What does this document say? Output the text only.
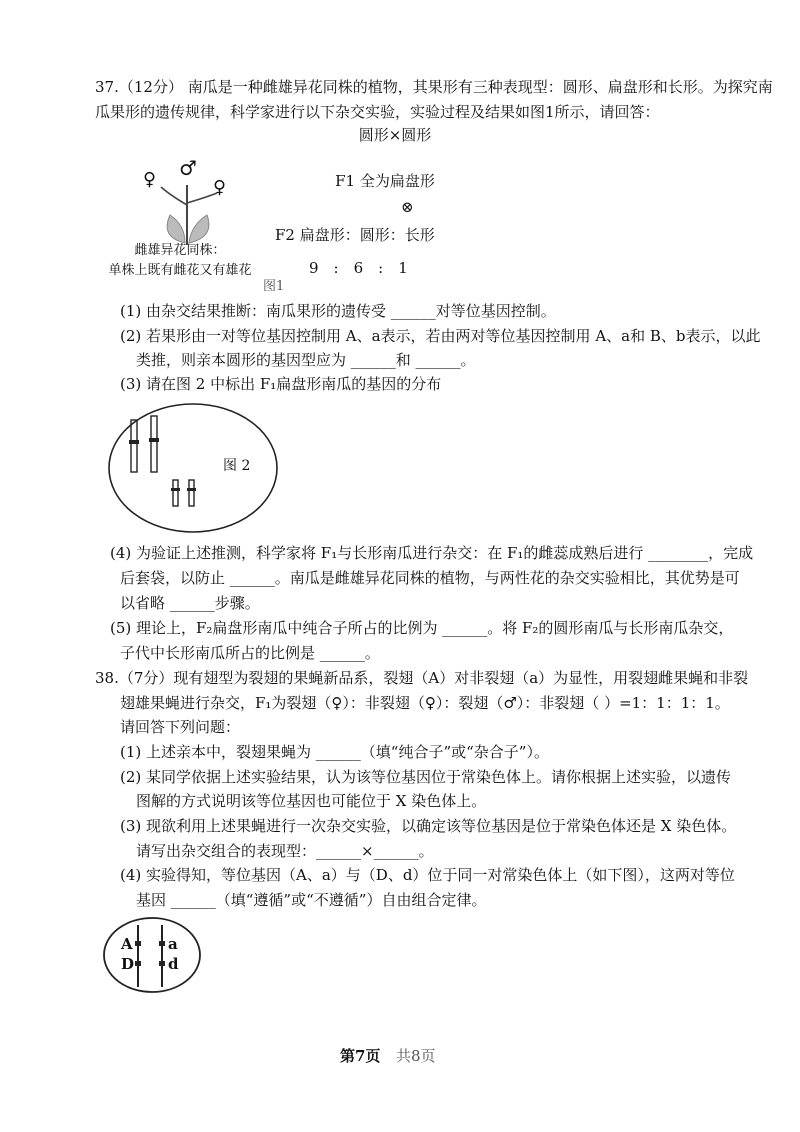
37.（12分） 南瓜是一种雌雄异花同株的植物，其果形有三种表现型：圆形、扁盘形和长形。为探究南
瓜果形的遗传规律，科学家进行以下杂交实验，实验过程及结果如图1所示，请回答：
♂
♀	♀
雌雄异花同株：
单株上既有雌花又有雄花
图1
圆形×圆形
F1 全为扁盘形
⊗
F2 扁盘形：圆形：长形
9　:　6　:　1
(1) 由杂交结果推断：南瓜果形的遗传受 ______对等位基因控制。
(2) 若果形由一对等位基因控制用 A、a表示，若由两对等位基因控制用 A、a和 B、b表示，以此
类推，则亲本圆形的基因型应为 ______和 ______。
(3) 请在图 2 中标出 F₁扁盘形南瓜的基因的分布
图 2
(4) 为验证上述推测，科学家将 F₁与长形南瓜进行杂交：在 F₁的雌蕊成熟后进行 ________，完成
后套袋，以防止 ______。南瓜是雌雄异花同株的植物，与两性花的杂交实验相比，其优势是可
以省略 ______步骤。
(5) 理论上，F₂扁盘形南瓜中纯合子所占的比例为 ______。将 F₂的圆形南瓜与长形南瓜杂交，
子代中长形南瓜所占的比例是 ______。
38.（7分）现有翅型为裂翅的果蝇新品系，裂翅（A）对非裂翅（a）为显性，用裂翅雌果蝇和非裂
翅雄果蝇进行杂交，F₁为裂翅（♀）：非裂翅（♀）：裂翅（♂）：非裂翅（ ）=1：1：1：1。
请回答下列问题：
(1) 上述亲本中，裂翅果蝇为 ______（填“纯合子”或“杂合子”）。
(2) 某同学依据上述实验结果，认为该等位基因位于常染色体上。请你根据上述实验，以遗传
图解的方式说明该等位基因也可能位于 X 染色体上。
(3) 现欲利用上述果蝇进行一次杂交实验，以确定该等位基因是位于常染色体还是 X 染色体。
请写出杂交组合的表现型：______×______。
(4) 实验得知，等位基因（A、a）与（D、d）位于同一对常染色体上（如下图），这两对等位
基因 ______（填“遵循”或“不遵循”）自由组合定律。
A
D
a
d
第7页 共8页
